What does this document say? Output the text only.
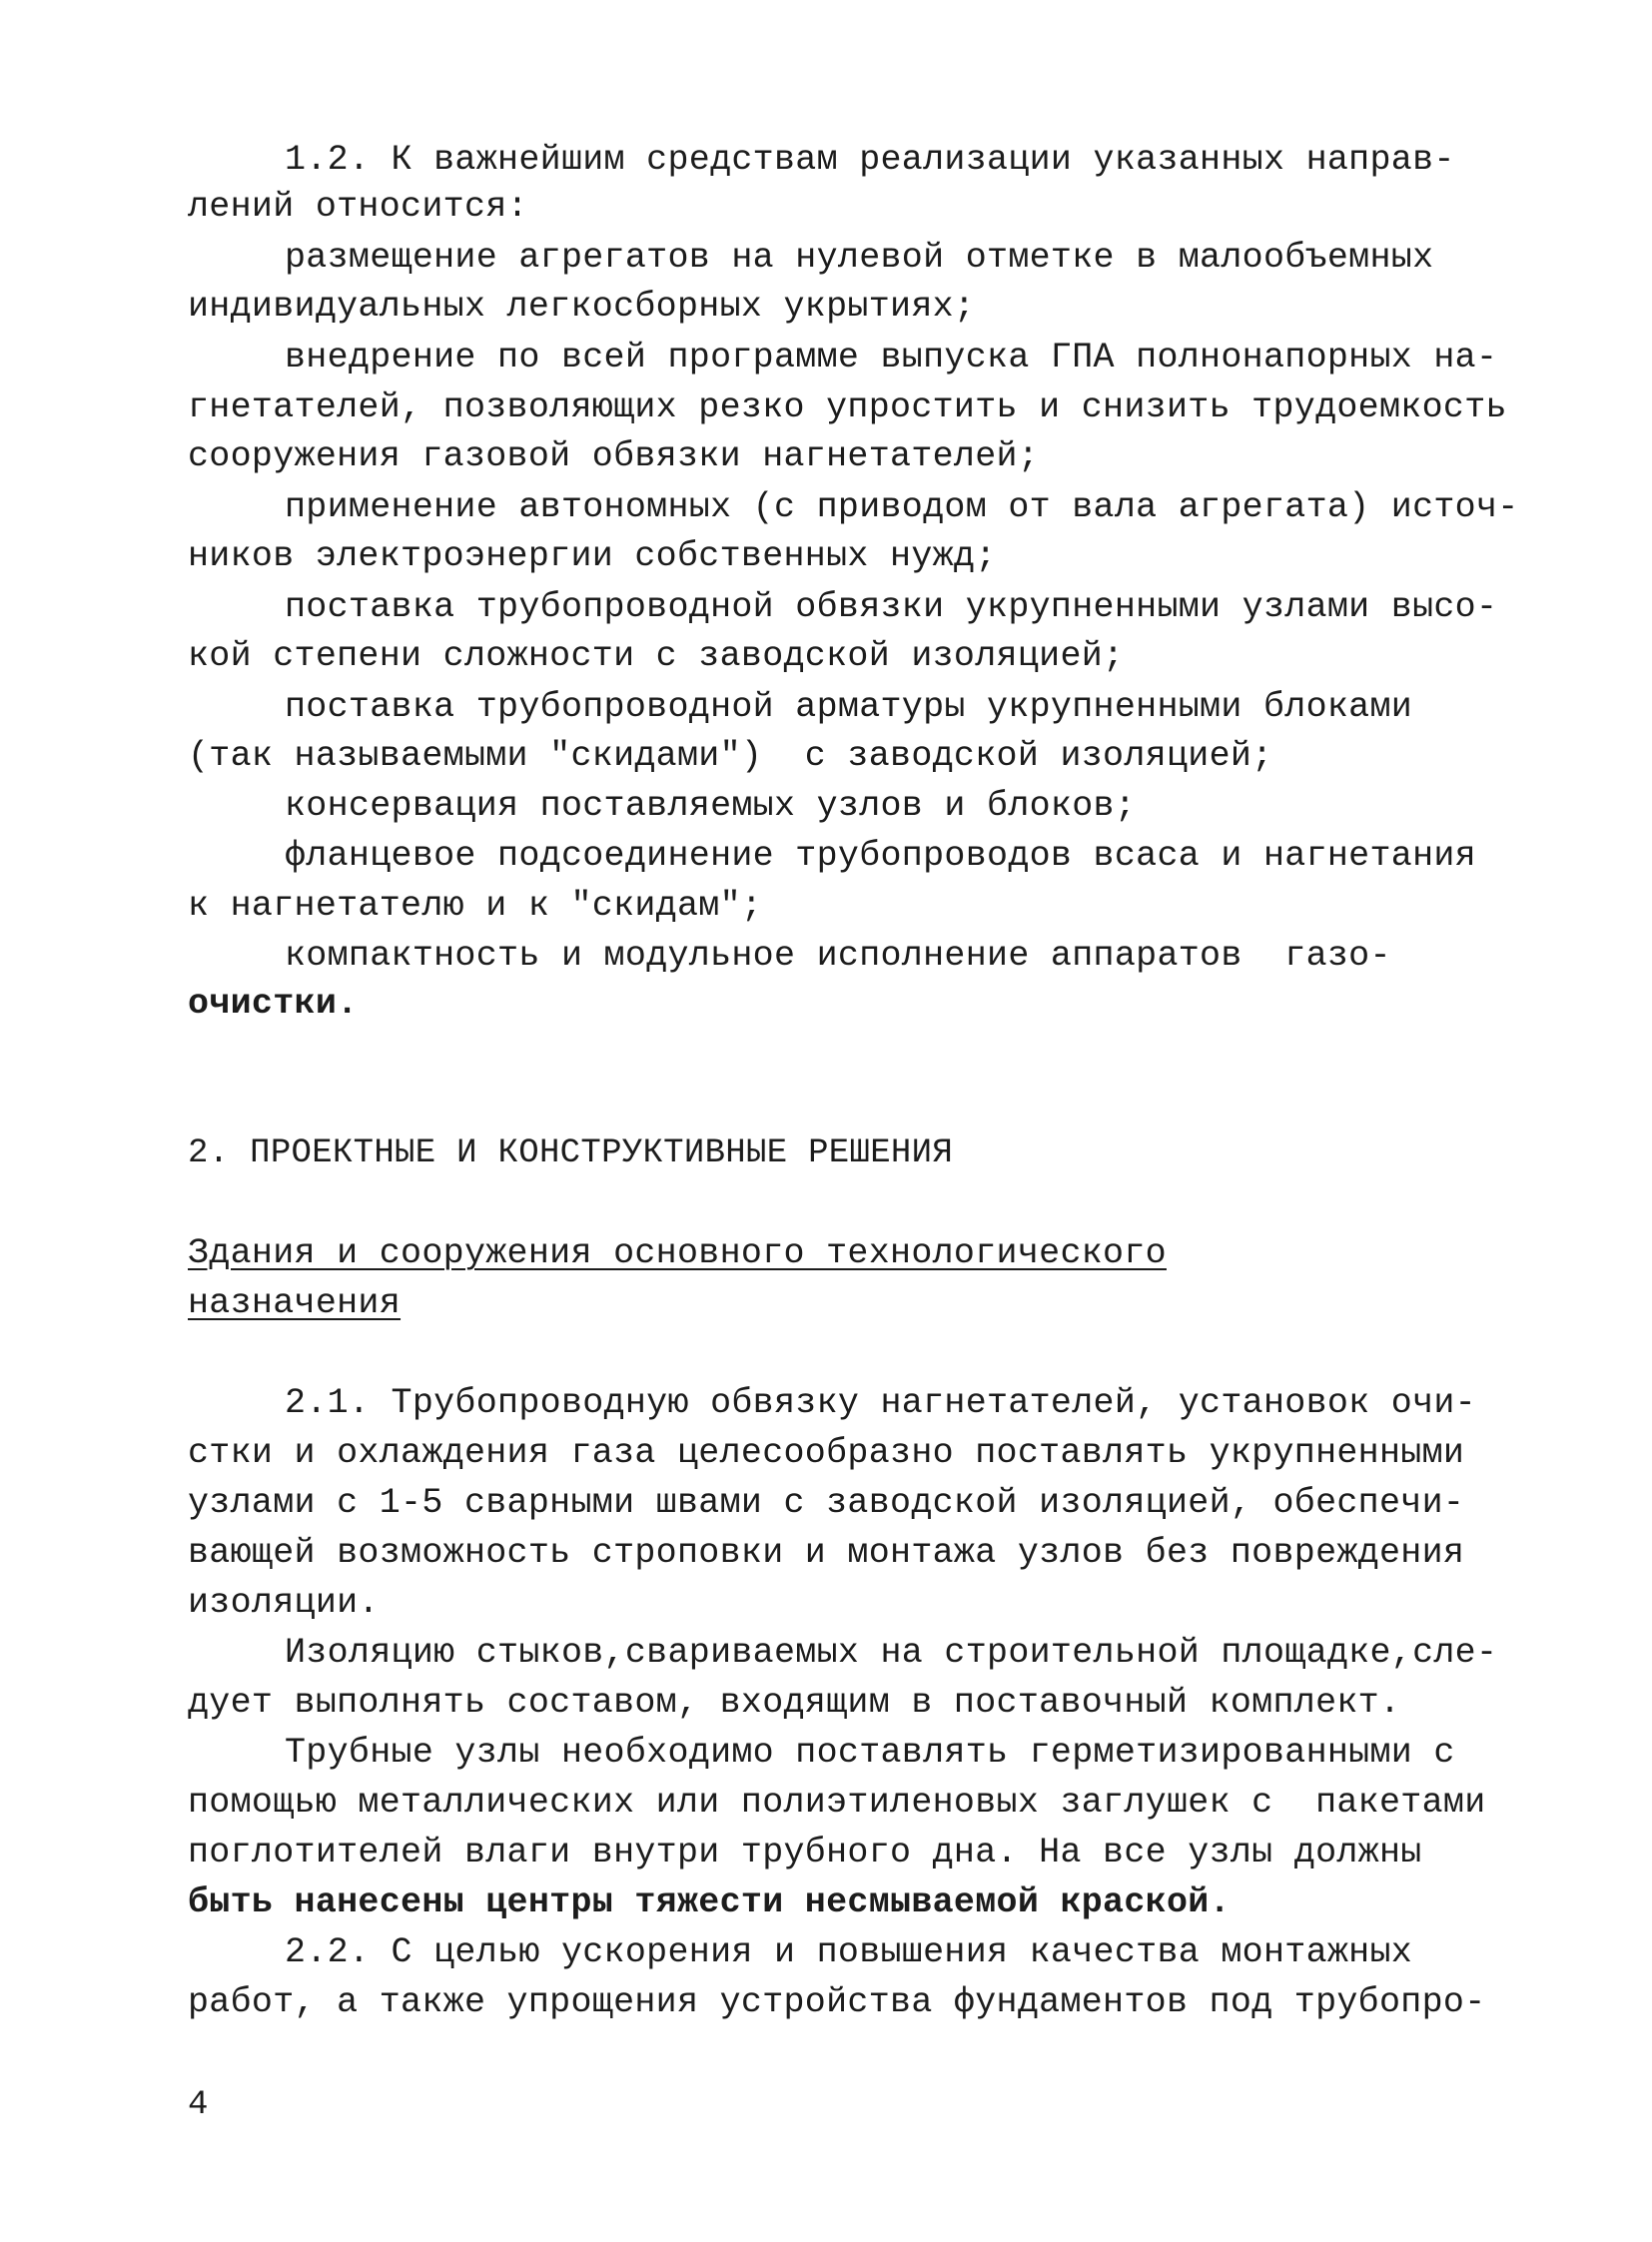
1.2. К важнейшим средствам реализации указанных направ-
лений относится:
размещение агрегатов на нулевой отметке в малообъемных
индивидуальных легкосборных укрытиях;
внедрение по всей программе выпуска ГПА полнонапорных на-
гнетателей, позволяющих резко упростить и снизить трудоемкость
сооружения газовой обвязки нагнетателей;
применение автономных (с приводом от вала агрегата) источ-
ников электроэнергии собственных нужд;
поставка трубопроводной обвязки укрупненными узлами высо-
кой степени сложности с заводской изоляцией;
поставка трубопроводной арматуры укрупненными блоками
(так называемыми "скидами")  с заводской изоляцией;
консервация поставляемых узлов и блоков;
фланцевое подсоединение трубопроводов всаса и нагнетания
к нагнетателю и к "скидам";
компактность и модульное исполнение аппаратов  газо-
очистки.
2. ПРОЕКТНЫЕ И КОНСТРУКТИВНЫЕ РЕШЕНИЯ
Здания и сооружения основного технологического
назначения
2.1. Трубопроводную обвязку нагнетателей, установок очи-
стки и охлаждения газа целесообразно поставлять укрупненными
узлами с 1-5 сварными швами с заводской изоляцией, обеспечи-
вающей возможность строповки и монтажа узлов без повреждения
изоляции.
Изоляцию стыков,свариваемых на строительной площадке,сле-
дует выполнять составом, входящим в поставочный комплект.
Трубные узлы необходимо поставлять герметизированными с
помощью металлических или полиэтиленовых заглушек с  пакетами
поглотителей влаги внутри трубного дна. На все узлы должны
быть нанесены центры тяжести несмываемой краской.
2.2. С целью ускорения и повышения качества монтажных
работ, а также упрощения устройства фундаментов под трубопро-
4
